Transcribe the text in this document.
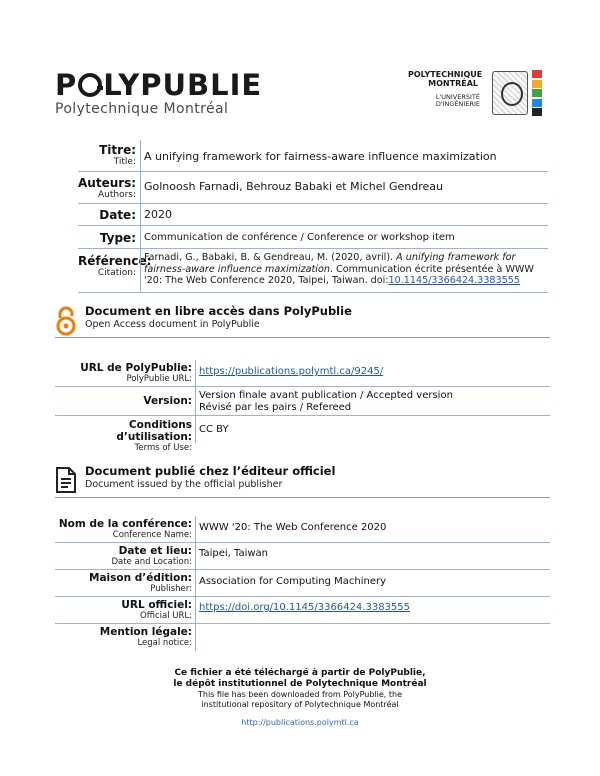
P LYPUBLIE
Polytechnique Montréal
POLYTECHNIQUE
MONTRÉAL
L'UNIVERSITÉ
D'INGÉNIERIE
Titre:
Title: A unifying framework for fairness-aware influence maximization
Auteurs:
Authors:
Golnoosh Farnadi, Behrouz Babaki et Michel Gendreau
Date: 2020
Type: Communication de conférence / Conference or workshop item
Référence:
Citation:
Farnadi, G., Babaki, B. & Gendreau, M. (2020, avril). A unifying framework for fairness-aware influence maximization. Communication écrite présentée à WWW '20: The Web Conference 2020, Taipei, Taiwan. doi:10.1145/3366424.3383555
Document en libre accès dans PolyPublie
Open Access document in PolyPublie
URL de PolyPublie:
PolyPublie URL:
https://publications.polymtl.ca/9245/
Version: Version finale avant publication / Accepted version
Révisé par les pairs / Refereed
Conditions d’utilisation:
Terms of Use:
CC BY
Document publié chez l’éditeur officiel
Document issued by the official publisher
Nom de la conférence:
Conference Name:
WWW '20: The Web Conference 2020
Date et lieu:
Date and Location:
Taipei, Taiwan
Maison d’édition:
Publisher:
Association for Computing Machinery
URL officiel:
Official URL:
https://doi.org/10.1145/3366424.3383555
Mention légale:
Legal notice:
Ce fichier a été téléchargé à partir de PolyPublie,
le dépôt institutionnel de Polytechnique Montréal
This file has been downloaded from PolyPublie, the
institutional repository of Polytechnique Montréal
http://publications.polymtl.ca
